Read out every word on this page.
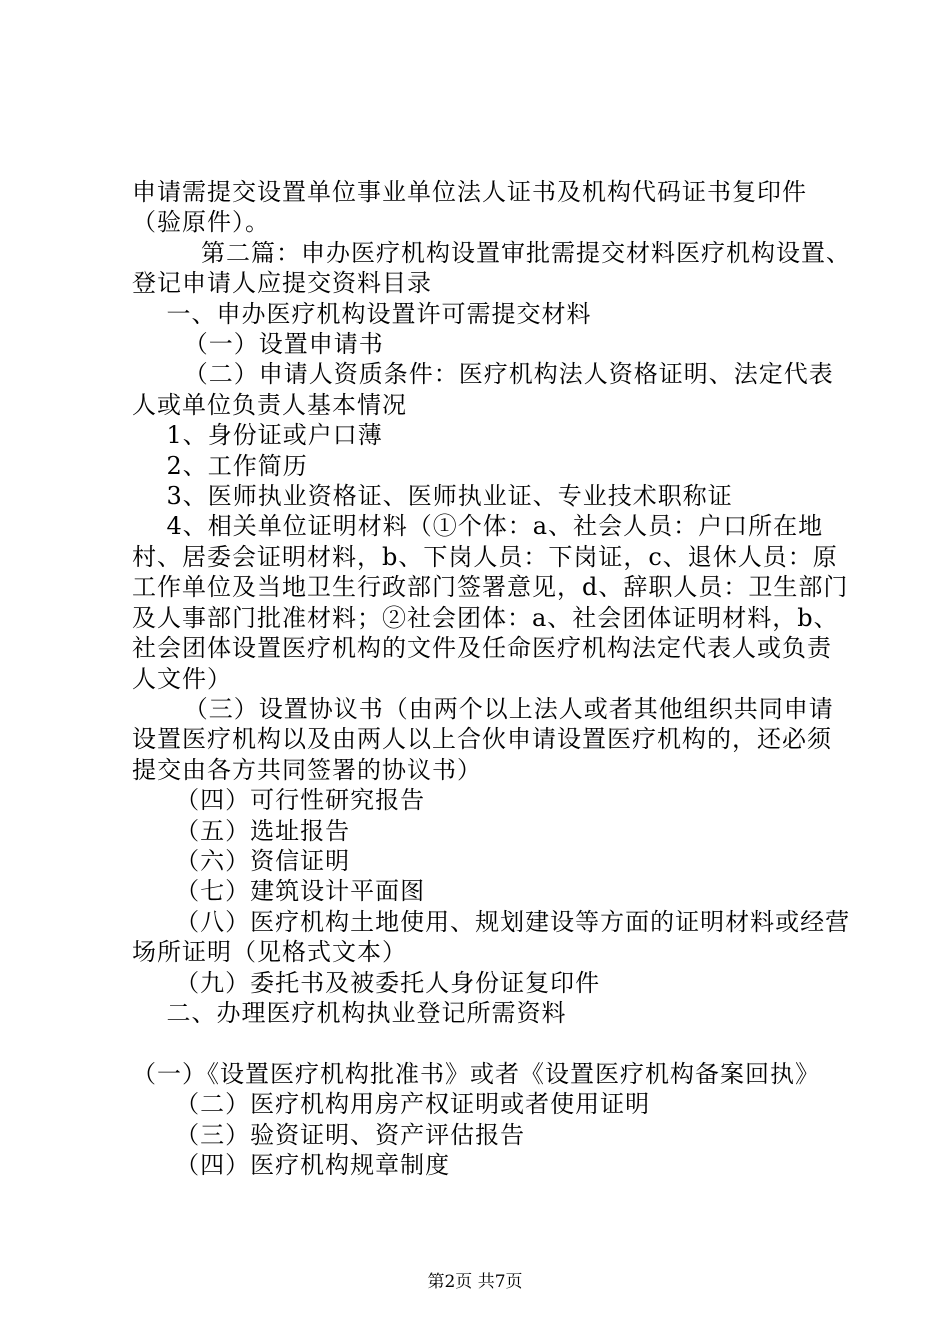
申请需提交设置单位事业单位法人证书及机构代码证书复印件（验原件）。

第二篇：申办医疗机构设置审批需提交材料医疗机构设置、登记申请人应提交资料目录

一、申办医疗机构设置许可需提交材料

（一）设置申请书

（二）申请人资质条件：医疗机构法人资格证明、法定代表人或单位负责人基本情况

1、身份证或户口薄

2、工作简历

3、医师执业资格证、医师执业证、专业技术职称证

4、相关单位证明材料（①个体：a、社会人员：户口所在地村、居委会证明材料，b、下岗人员：下岗证，c、退休人员：原工作单位及当地卫生行政部门签署意见，d、辞职人员：卫生部门及人事部门批准材料；②社会团体：a、社会团体证明材料，b、社会团体设置医疗机构的文件及任命医疗机构法定代表人或负责人文件）

（三）设置协议书（由两个以上法人或者其他组织共同申请设置医疗机构以及由两人以上合伙申请设置医疗机构的，还必须提交由各方共同签署的协议书）

（四）可行性研究报告

（五）选址报告

（六）资信证明

（七）建筑设计平面图

（八）医疗机构土地使用、规划建设等方面的证明材料或经营场所证明（见格式文本）

（九）委托书及被委托人身份证复印件

二、办理医疗机构执业登记所需资料

（一）《设置医疗机构批准书》或者《设置医疗机构备案回执》

（二）医疗机构用房产权证明或者使用证明

（三）验资证明、资产评估报告

（四）医疗机构规章制度

第2页 共7页
